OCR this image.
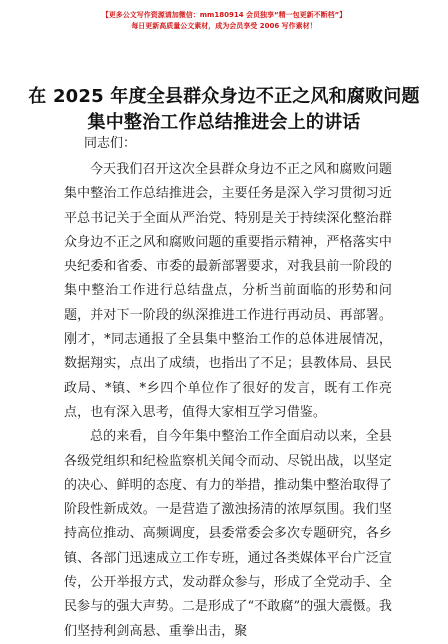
【更多公文写作资源请加微信：mm180914 会员独享“精一包更新不断档”】
每日更新高质量公文素材，成为会员享受 2006 写作素材！
在 2025 年度全县群众身边不正之风和腐败问题
集中整治工作总结推进会上的讲话
同志们：

今天我们召开这次全县群众身边不正之风和腐败问题集中整治工作总结推进会，主要任务是深入学习贯彻习近平总书记关于全面从严治党、特别是关于持续深化整治群众身边不正之风和腐败问题的重要指示精神，严格落实中央纪委和省委、市委的最新部署要求，对我县前一阶段的集中整治工作进行总结盘点，分析当前面临的形势和问题，并对下一阶段的纵深推进工作进行再动员、再部署。刚才，*同志通报了全县集中整治工作的总体进展情况，数据翔实，点出了成绩，也指出了不足；县教体局、县民政局、*镇、*乡四个单位作了很好的发言，既有工作亮点，也有深入思考，值得大家相互学习借鉴。

总的来看，自今年集中整治工作全面启动以来，全县各级党组织和纪检监察机关闻令而动、尽锐出战，以坚定的决心、鲜明的态度、有力的举措，推动集中整治取得了阶段性新成效。一是营造了激浊扬清的浓厚氛围。我们坚持高位推动、高频调度，县委常委会多次专题研究，各乡镇、各部门迅速成立工作专班，通过各类媒体平台广泛宣传，公开举报方式，发动群众参与，形成了全党动手、全民参与的强大声势。二是形成了“不敢腐”的强大震慑。我们坚持利剑高悬、重拳出击，聚
